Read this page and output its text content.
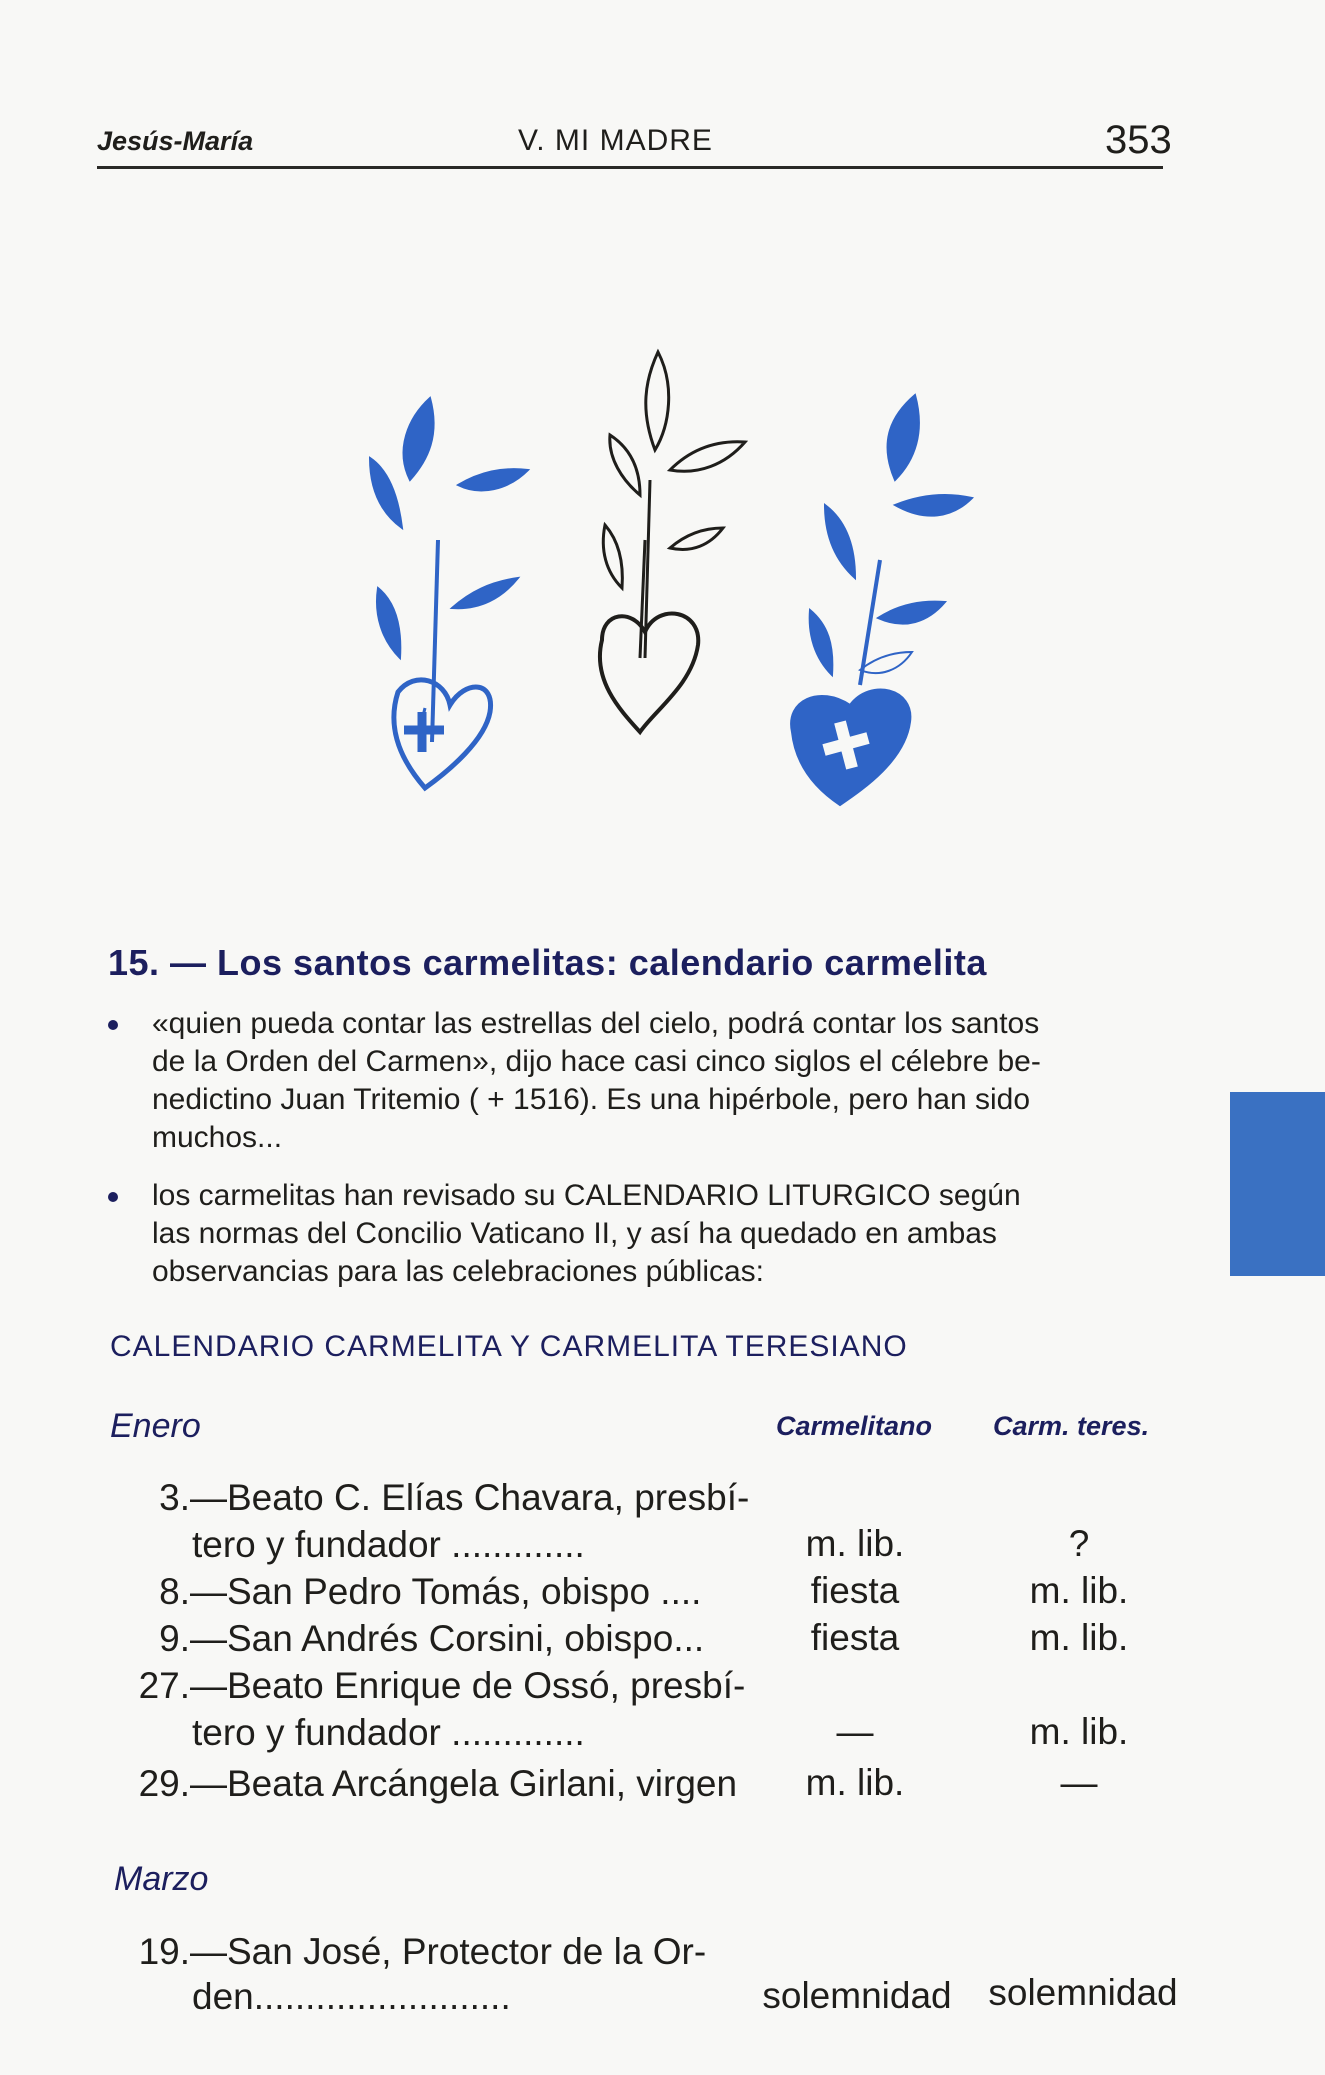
Jesús-María	V. MI MADRE	353
15. — Los santos carmelitas: calendario carmelita
«quien pueda contar las estrellas del cielo, podrá contar los santos
de la Orden del Carmen», dijo hace casi cinco siglos el célebre be-
nedictino Juan Tritemio ( + 1516). Es una hipérbole, pero han sido
muchos...
los carmelitas han revisado su CALENDARIO LITURGICO según
las normas del Concilio Vaticano II, y así ha quedado en ambas
observancias para las celebraciones públicas:
CALENDARIO CARMELITA Y CARMELITA TERESIANO
Enero	Carmelitano Carm. teres.
3.—Beato C. Elías Chavara, presbí-
tero y fundador .............	m. lib.	?
8.—San Pedro Tomás, obispo ....	fiesta	m. lib.
9.—San Andrés Corsini, obispo...	fiesta	m. lib.
27.—Beato Enrique de Ossó, presbí-
tero y fundador .............	—	m. lib.
29.—Beata Arcángela Girlani, virgen	m. lib.	—
Marzo
19.—San José, Protector de la Or-
den.........................	solemnidad solemnidad
